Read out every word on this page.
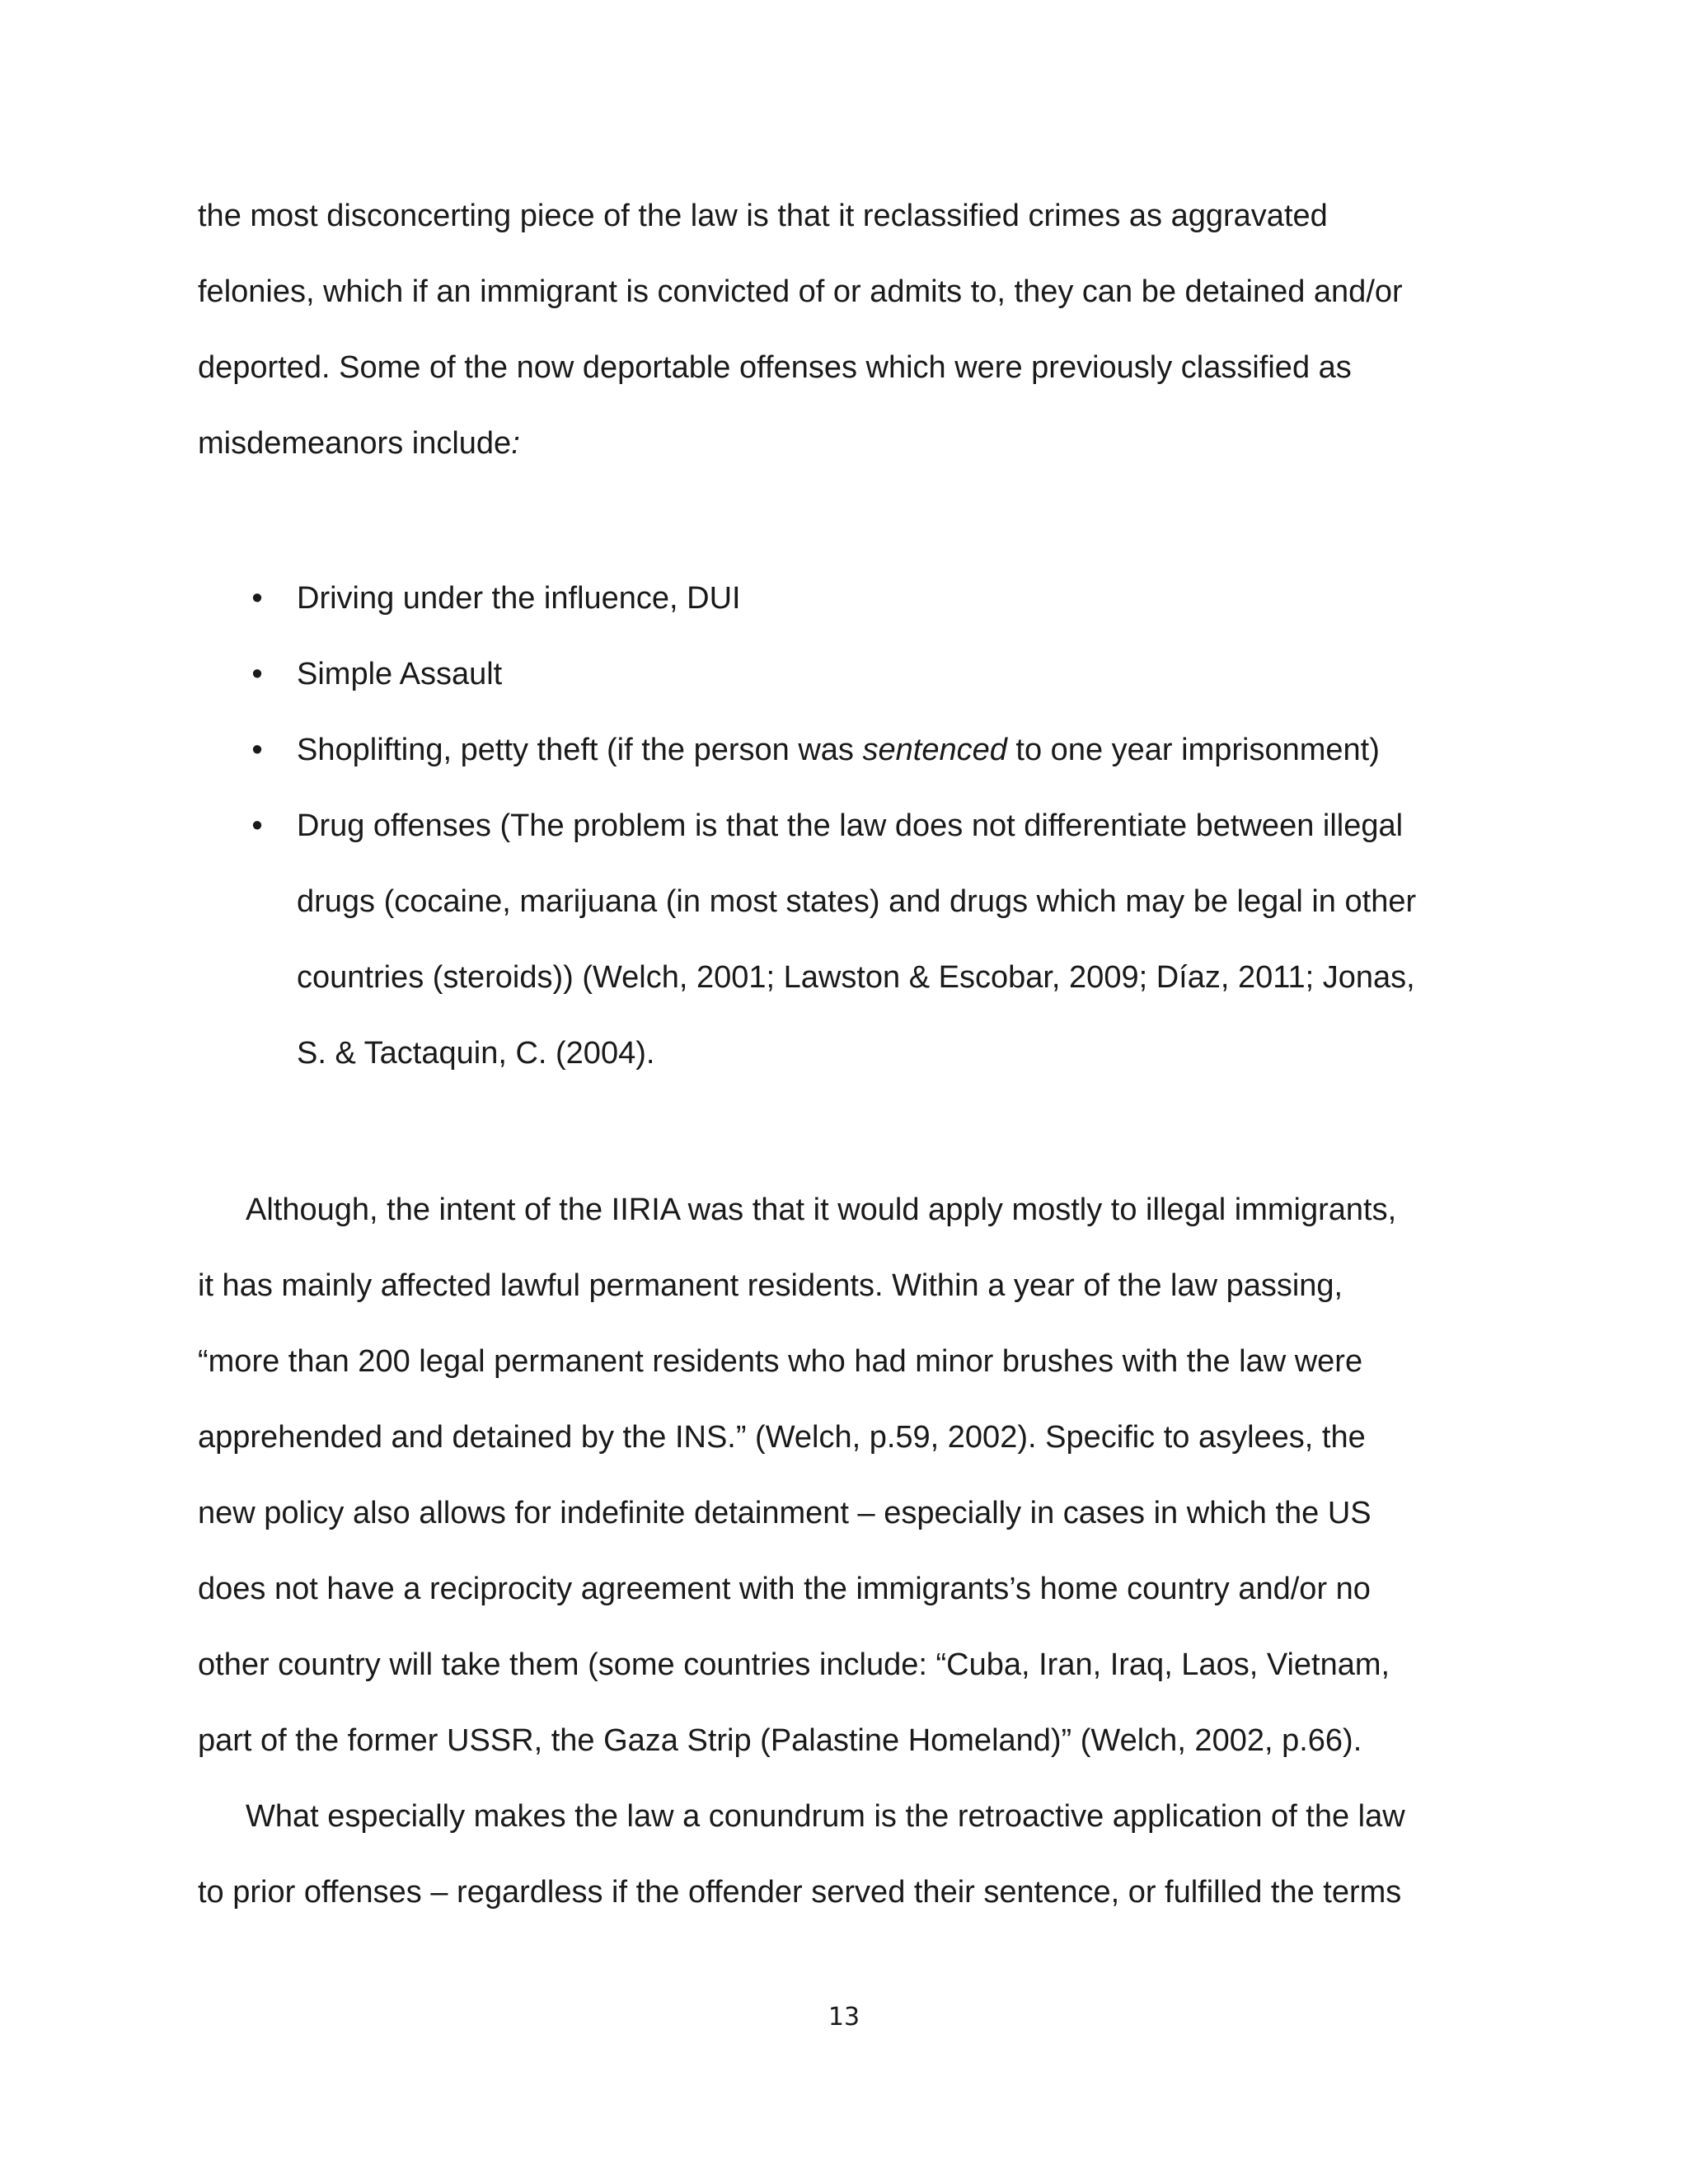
the most disconcerting piece of the law is that it reclassified crimes as aggravated
felonies, which if an immigrant is convicted of or admits to, they can be detained and/or
deported. Some of the now deportable offenses which were previously classified as
misdemeanors include:
• Driving under the influence, DUI
• Simple Assault
• Shoplifting, petty theft (if the person was sentenced to one year imprisonment)
• Drug offenses (The problem is that the law does not differentiate between illegal
drugs (cocaine, marijuana (in most states) and drugs which may be legal in other
countries (steroids)) (Welch, 2001; Lawston & Escobar, 2009; Díaz, 2011; Jonas,
S. & Tactaquin, C. (2004).
Although, the intent of the IIRIA was that it would apply mostly to illegal immigrants,
it has mainly affected lawful permanent residents. Within a year of the law passing,
“more than 200 legal permanent residents who had minor brushes with the law were
apprehended and detained by the INS.” (Welch, p.59, 2002). Specific to asylees, the
new policy also allows for indefinite detainment – especially in cases in which the US
does not have a reciprocity agreement with the immigrants’s home country and/or no
other country will take them (some countries include: “Cuba, Iran, Iraq, Laos, Vietnam,
part of the former USSR, the Gaza Strip (Palastine Homeland)” (Welch, 2002, p.66).
What especially makes the law a conundrum is the retroactive application of the law
to prior offenses – regardless if the offender served their sentence, or fulfilled the terms
13
